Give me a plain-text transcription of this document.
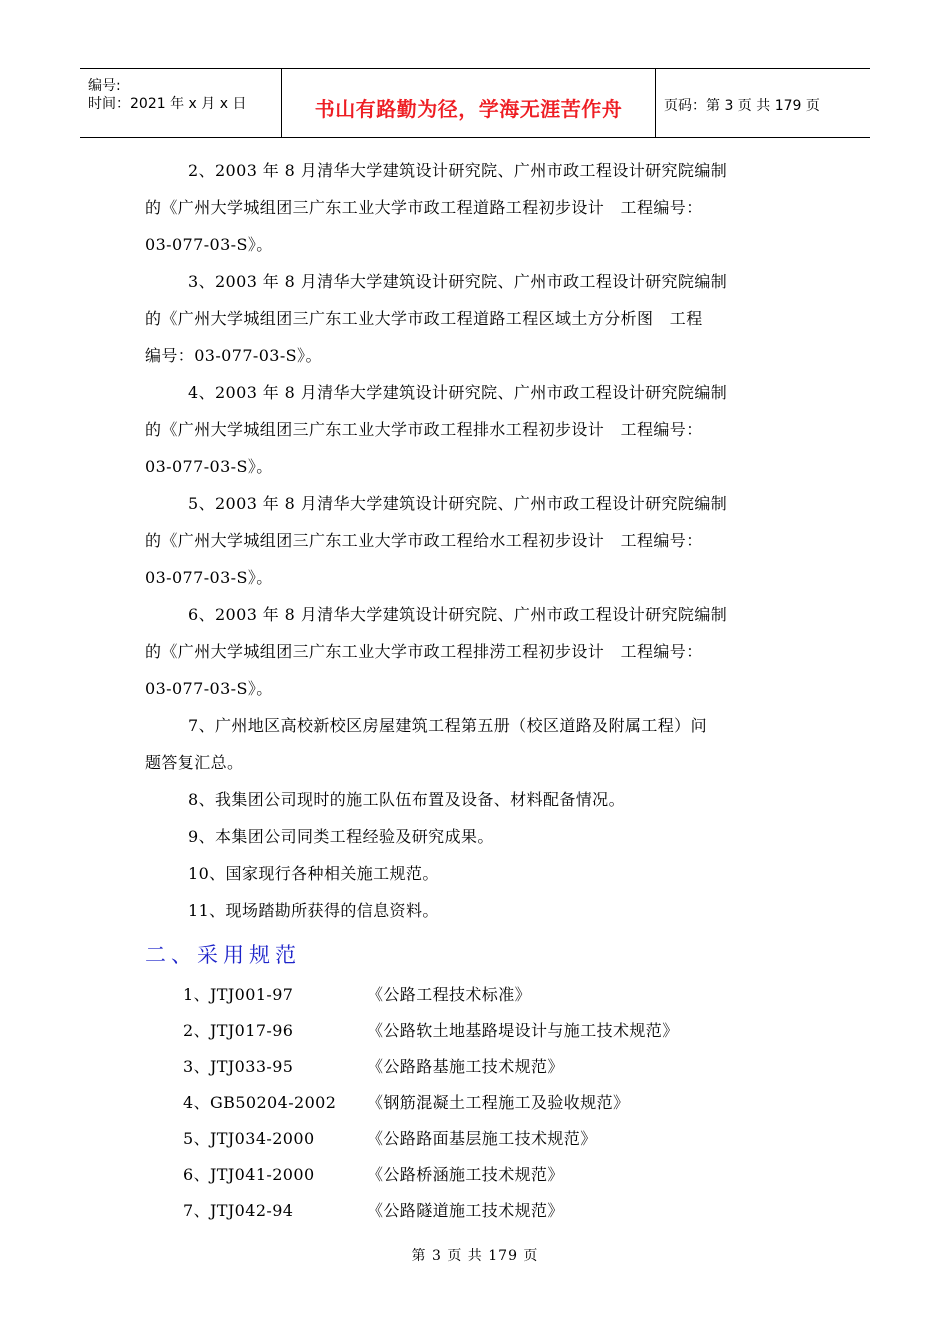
编号:
时间：2021 年 x 月 x 日	书山有路勤为径，学海无涯苦作舟	页码：第 3 页 共 179 页
2、2003 年 8 月清华大学建筑设计研究院、广州市政工程设计研究院编制
的《广州大学城组团三广东工业大学市政工程道路工程初步设计　工程编号：
03-077-03-S》。
3、2003 年 8 月清华大学建筑设计研究院、广州市政工程设计研究院编制
的《广州大学城组团三广东工业大学市政工程道路工程区域土方分析图　工程
编号：03-077-03-S》。
4、2003 年 8 月清华大学建筑设计研究院、广州市政工程设计研究院编制
的《广州大学城组团三广东工业大学市政工程排水工程初步设计　工程编号：
03-077-03-S》。
5、2003 年 8 月清华大学建筑设计研究院、广州市政工程设计研究院编制
的《广州大学城组团三广东工业大学市政工程给水工程初步设计　工程编号：
03-077-03-S》。
6、2003 年 8 月清华大学建筑设计研究院、广州市政工程设计研究院编制
的《广州大学城组团三广东工业大学市政工程排涝工程初步设计　工程编号：
03-077-03-S》。
7、广州地区高校新校区房屋建筑工程第五册（校区道路及附属工程）问
题答复汇总。
8、我集团公司现时的施工队伍布置及设备、材料配备情况。
9、本集团公司同类工程经验及研究成果。
10、国家现行各种相关施工规范。
11、现场踏勘所获得的信息资料。
二、采用规范
1、JTJ001-97	《公路工程技术标准》
2、JTJ017-96	《公路软土地基路堤设计与施工技术规范》
3、JTJ033-95	《公路路基施工技术规范》
4、GB50204-2002 《钢筋混凝土工程施工及验收规范》
5、JTJ034-2000	《公路路面基层施工技术规范》
6、JTJ041-2000	《公路桥涵施工技术规范》
7、JTJ042-94	《公路隧道施工技术规范》
第 3 页 共 179 页
